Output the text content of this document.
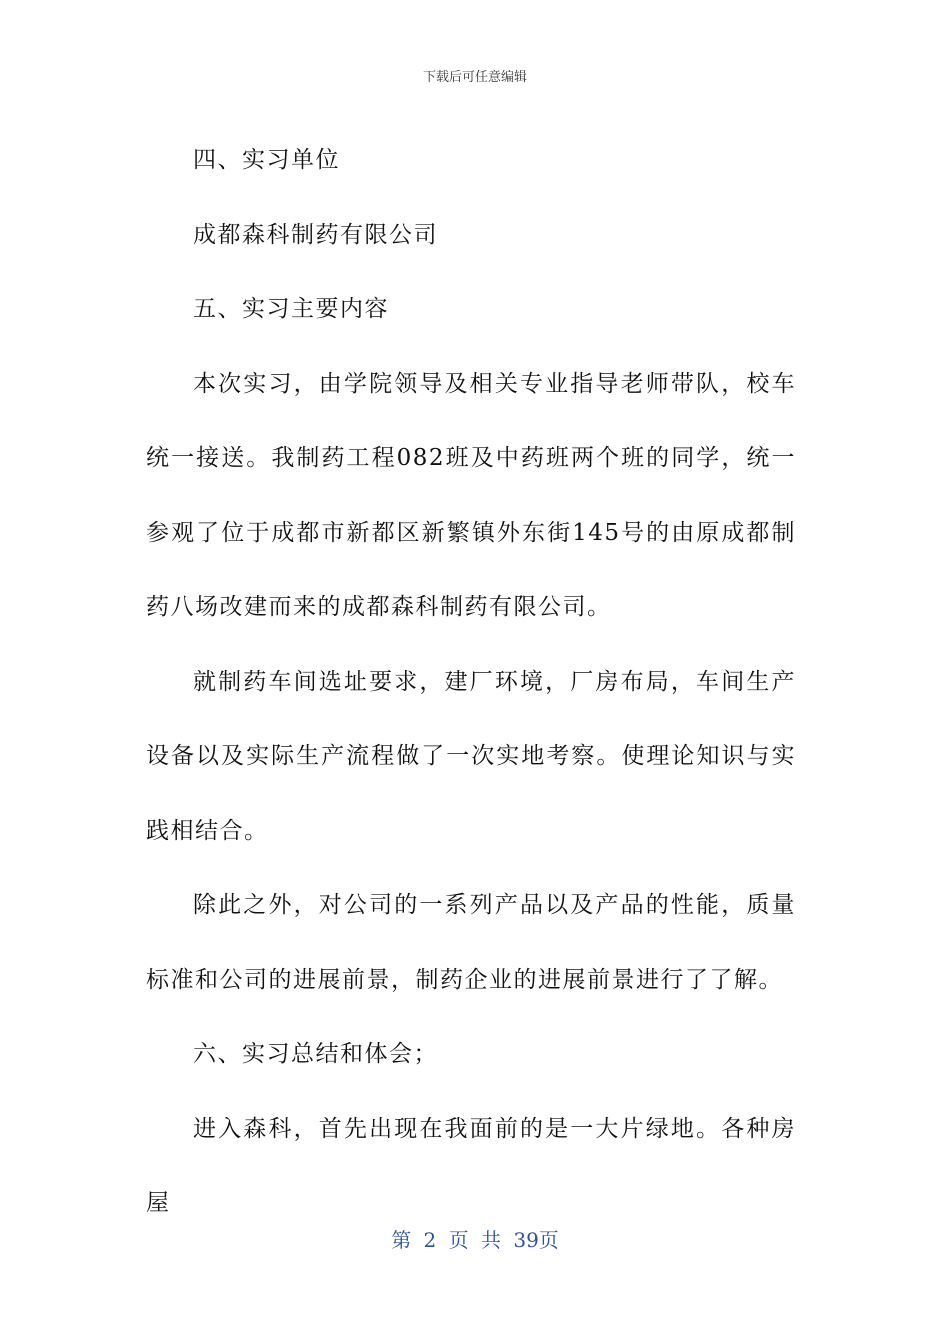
下载后可任意编辑

四、实习单位

成都森科制药有限公司

五、实习主要内容

本次实习，由学院领导及相关专业指导老师带队，校车统一接送。我制药工程082班及中药班两个班的同学，统一参观了位于成都市新都区新繁镇外东街145号的由原成都制药八场改建而来的成都森科制药有限公司。

就制药车间选址要求，建厂环境，厂房布局，车间生产设备以及实际生产流程做了一次实地考察。使理论知识与实践相结合。

除此之外，对公司的一系列产品以及产品的性能，质量标准和公司的进展前景，制药企业的进展前景进行了了解。

六、实习总结和体会；

进入森科，首先出现在我面前的是一大片绿地。各种房屋

第 2 页 共 39页
